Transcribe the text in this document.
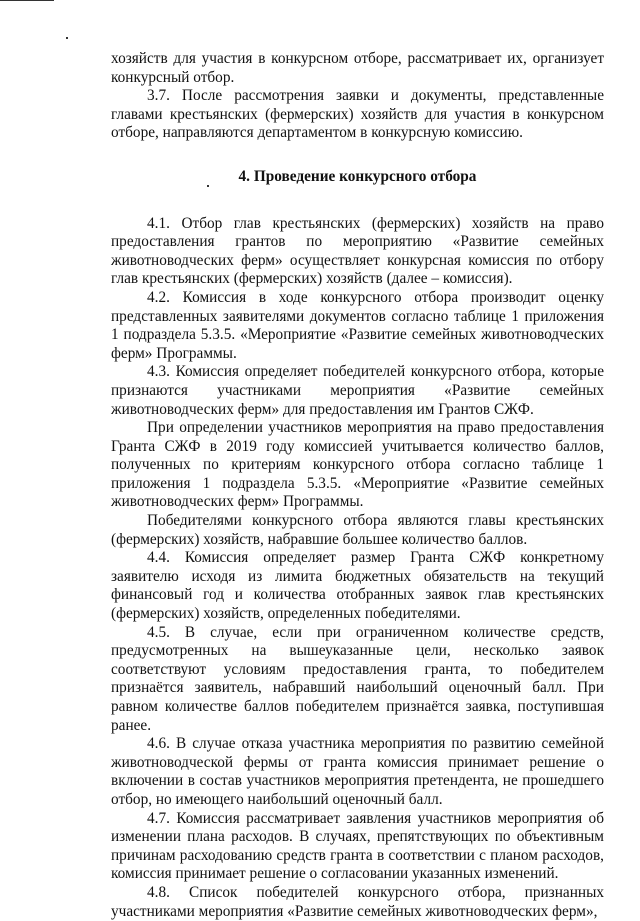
хозяйств для участия в конкурсном отборе, рассматривает их, организует конкурсный отбор.

3.7. После рассмотрения заявки и документы, представленные главами крестьянских (фермерских) хозяйств для участия в конкурсном отборе, направляются департаментом в конкурсную комиссию.

4. Проведение конкурсного отбора

4.1. Отбор глав крестьянских (фермерских) хозяйств на право предоставления грантов по мероприятию «Развитие семейных животноводческих ферм» осуществляет конкурсная комиссия по отбору глав крестьянских (фермерских) хозяйств (далее – комиссия).

4.2. Комиссия в ходе конкурсного отбора производит оценку представленных заявителями документов согласно таблице 1 приложения 1 подраздела 5.3.5. «Мероприятие «Развитие семейных животноводческих ферм» Программы.

4.3. Комиссия определяет победителей конкурсного отбора, которые признаются участниками мероприятия «Развитие семейных животноводческих ферм» для предоставления им Грантов СЖФ.

При определении участников мероприятия на право предоставления Гранта СЖФ в 2019 году комиссией учитывается количество баллов, полученных по критериям конкурсного отбора согласно таблице 1 приложения 1 подраздела 5.3.5. «Мероприятие «Развитие семейных животноводческих ферм» Программы.

Победителями конкурсного отбора являются главы крестьянских (фермерских) хозяйств, набравшие большее количество баллов.

4.4. Комиссия определяет размер Гранта СЖФ конкретному заявителю исходя из лимита бюджетных обязательств на текущий финансовый год и количества отобранных заявок глав крестьянских (фермерских) хозяйств, определенных победителями.

4.5. В случае, если при ограниченном количестве средств, предусмотренных на вышеуказанные цели, несколько заявок соответствуют условиям предоставления гранта, то победителем признаётся заявитель, набравший наибольший оценочный балл. При равном количестве баллов победителем признаётся заявка, поступившая ранее.

4.6. В случае отказа участника мероприятия по развитию семейной животноводческой фермы от гранта комиссия принимает решение о включении в состав участников мероприятия претендента, не прошедшего отбор, но имеющего наибольший оценочный балл.

4.7. Комиссия рассматривает заявления участников мероприятия об изменении плана расходов. В случаях, препятствующих по объективным причинам расходованию средств гранта в соответствии с планом расходов, комиссия принимает решение о согласовании указанных изменений.

4.8. Список победителей конкурсного отбора, признанных участниками мероприятия «Развитие семейных животноводческих ферм»,
